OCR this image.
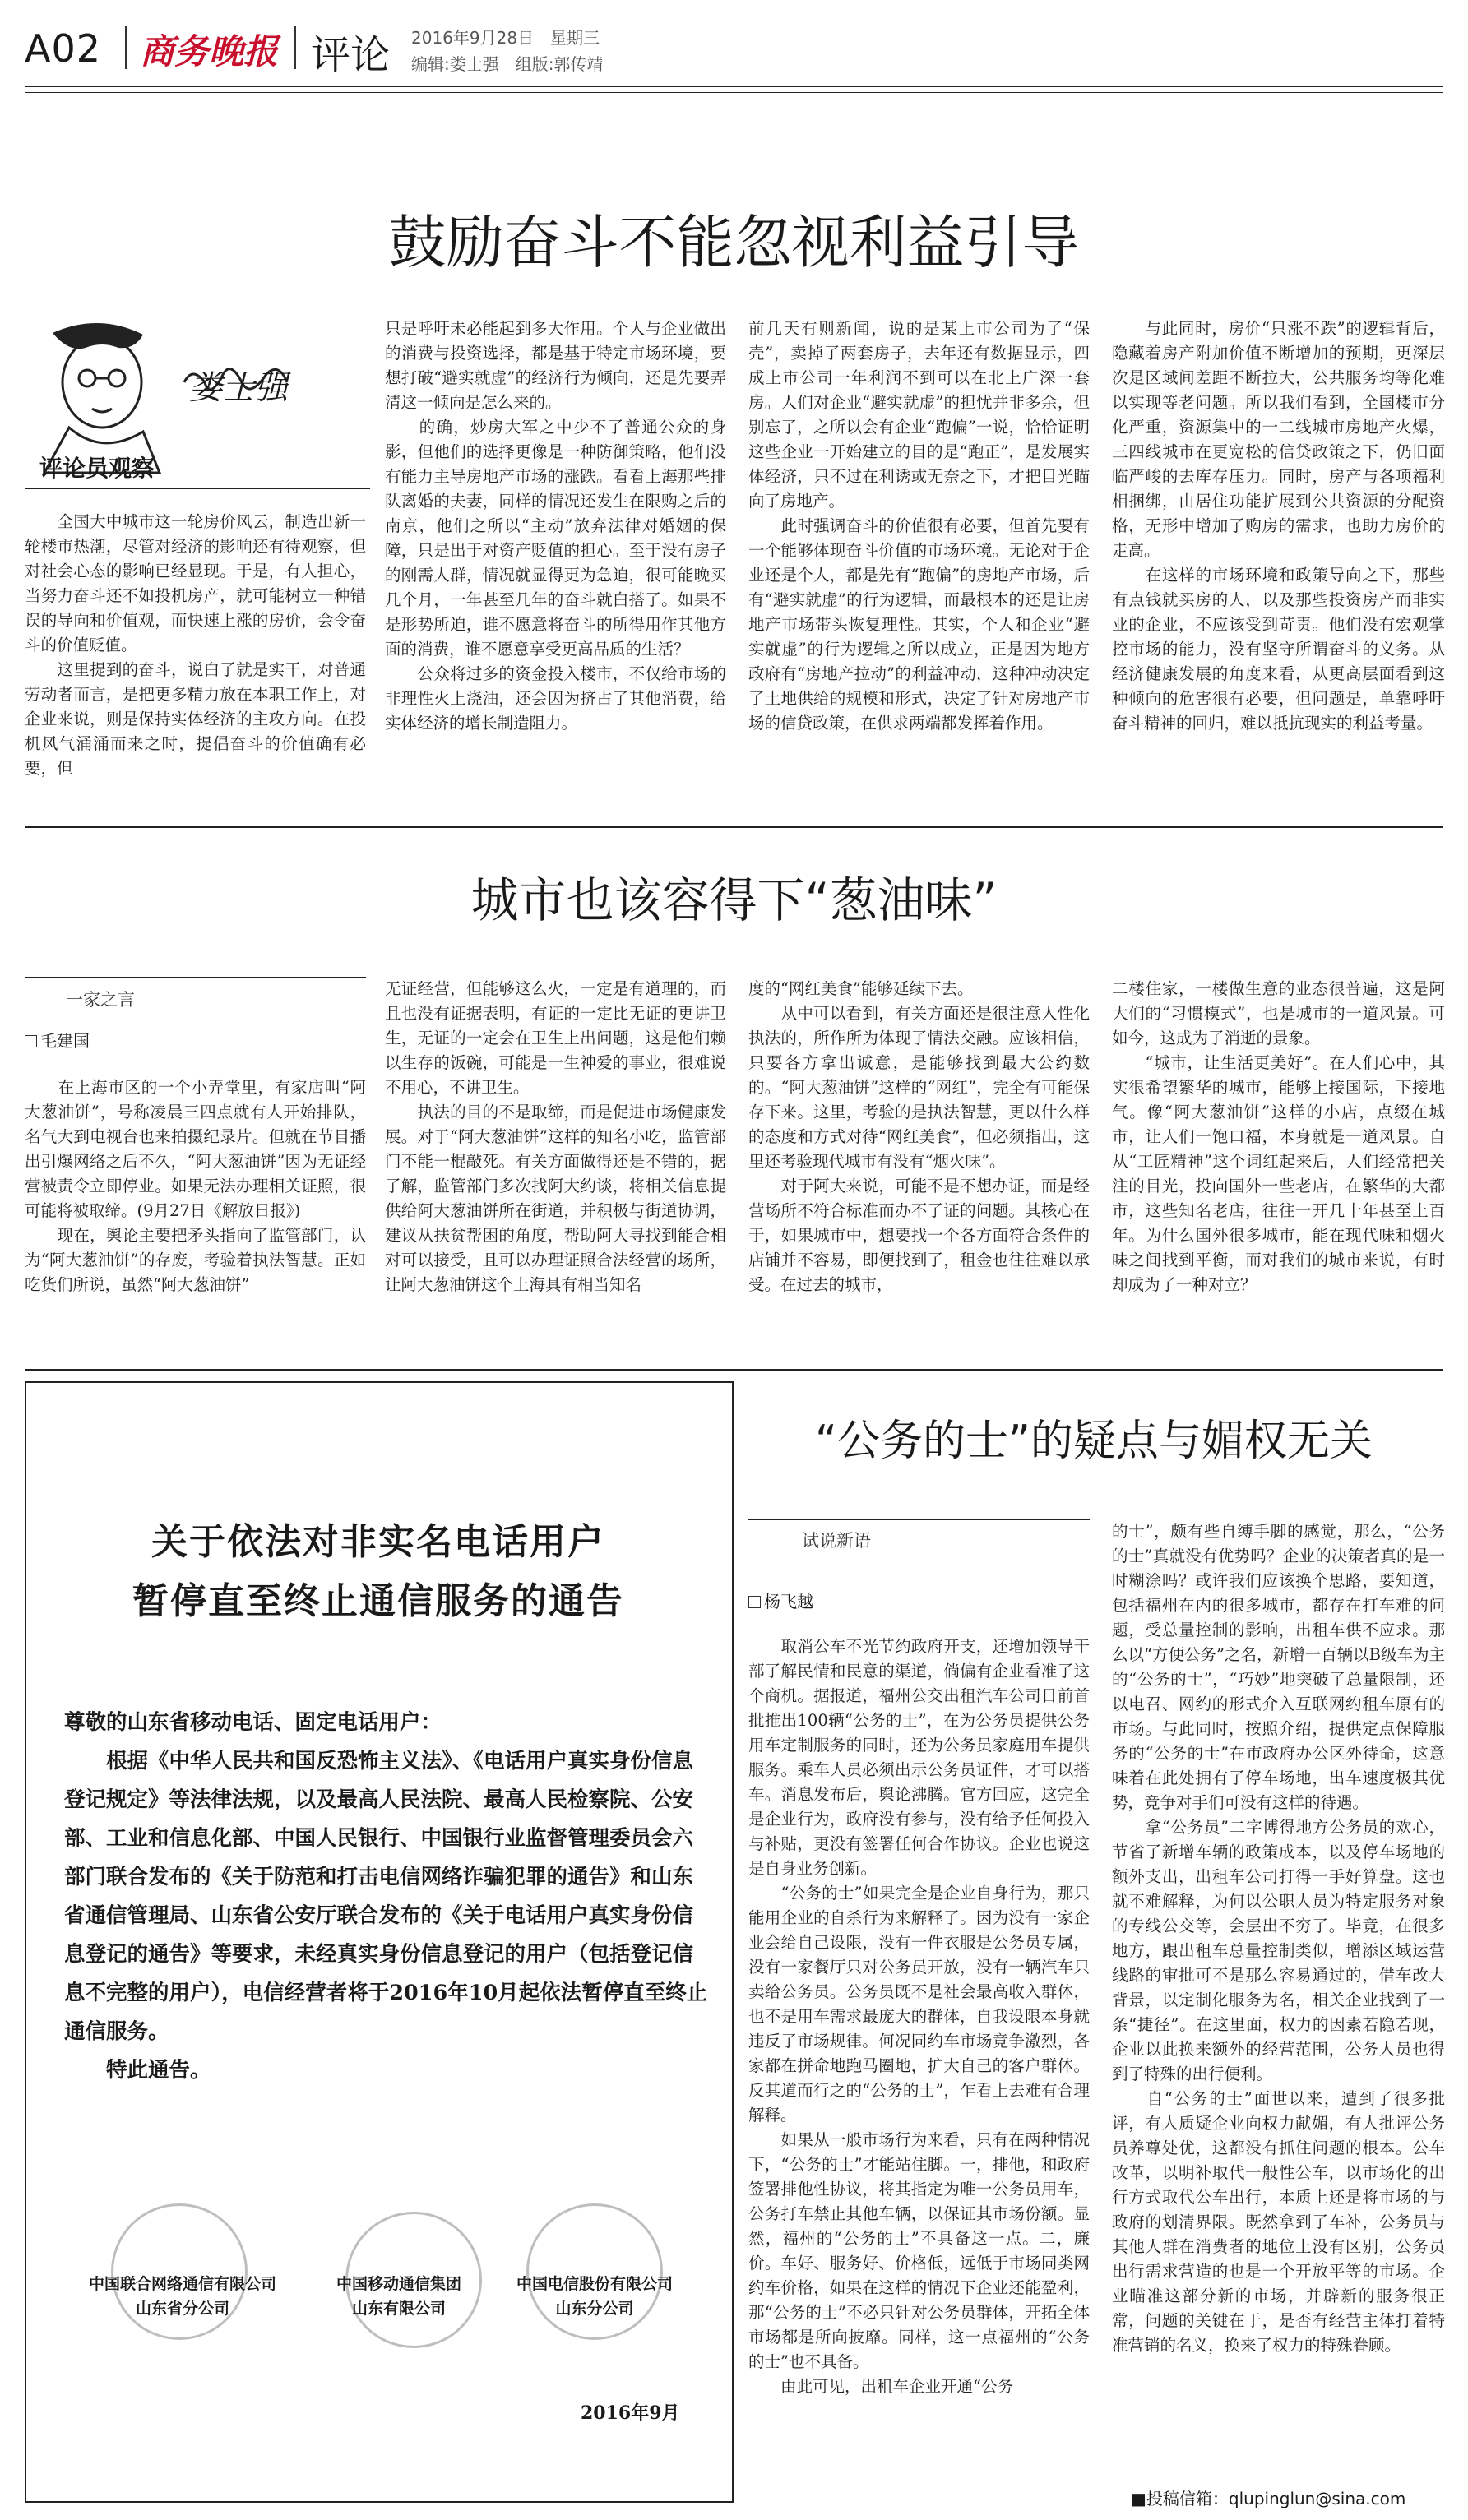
A02 商务晚报 评论 2016年9月28日　星期三
编辑:娄士强　组版:郭传靖
鼓励奋斗不能忽视利益引导
娄士强
评论员观察
　　全国大中城市这一轮房价风云，制造出新一轮楼市热潮，尽管对经济的影响还有待观察，但对社会心态的影响已经显现。于是，有人担心，当努力奋斗还不如投机房产，就可能树立一种错误的导向和价值观，而快速上涨的房价，会令奋斗的价值贬值。
　　这里提到的奋斗，说白了就是实干，对普通劳动者而言，是把更多精力放在本职工作上，对企业来说，则是保持实体经济的主攻方向。在投机风气涌涌而来之时，提倡奋斗的价值确有必要，但
只是呼吁未必能起到多大作用。个人与企业做出的消费与投资选择，都是基于特定市场环境，要想打破“避实就虚”的经济行为倾向，还是先要弄清这一倾向是怎么来的。
　　的确，炒房大军之中少不了普通公众的身影，但他们的选择更像是一种防御策略，他们没有能力主导房地产市场的涨跌。看看上海那些排队离婚的夫妻，同样的情况还发生在限购之后的南京，他们之所以“主动”放弃法律对婚姻的保障，只是出于对资产贬值的担心。至于没有房子的刚需人群，情况就显得更为急迫，很可能晚买几个月，一年甚至几年的奋斗就白搭了。如果不是形势所迫，谁不愿意将奋斗的所得用作其他方面的消费，谁不愿意享受更高品质的生活？
　　公众将过多的资金投入楼市，不仅给市场的非理性火上浇油，还会因为挤占了其他消费，给实体经济的增长制造阻力。
前几天有则新闻，说的是某上市公司为了“保壳”，卖掉了两套房子，去年还有数据显示，四成上市公司一年利润不到可以在北上广深一套房。人们对企业“避实就虚”的担忧并非多余，但别忘了，之所以会有企业“跑偏”一说，恰恰证明这些企业一开始建立的目的是“跑正”，是发展实体经济，只不过在利诱或无奈之下，才把目光瞄向了房地产。
　　此时强调奋斗的价值很有必要，但首先要有一个能够体现奋斗价值的市场环境。无论对于企业还是个人，都是先有“跑偏”的房地产市场，后有“避实就虚”的行为逻辑，而最根本的还是让房地产市场带头恢复理性。其实，个人和企业“避实就虚”的行为逻辑之所以成立，正是因为地方政府有“房地产拉动”的利益冲动，这种冲动决定了土地供给的规模和形式，决定了针对房地产市场的信贷政策，在供求两端都发挥着作用。
　　与此同时，房价“只涨不跌”的逻辑背后，隐藏着房产附加价值不断增加的预期，更深层次是区域间差距不断拉大，公共服务均等化难以实现等老问题。所以我们看到，全国楼市分化严重，资源集中的一二线城市房地产火爆，三四线城市在更宽松的信贷政策之下，仍旧面临严峻的去库存压力。同时，房产与各项福利相捆绑，由居住功能扩展到公共资源的分配资格，无形中增加了购房的需求，也助力房价的走高。
　　在这样的市场环境和政策导向之下，那些有点钱就买房的人，以及那些投资房产而非实业的企业，不应该受到苛责。他们没有宏观掌控市场的能力，没有坚守所谓奋斗的义务。从经济健康发展的角度来看，从更高层面看到这种倾向的危害很有必要，但问题是，单靠呼吁奋斗精神的回归，难以抵抗现实的利益考量。
城市也该容得下“葱油味”
一家之言
毛建国
　　在上海市区的一个小弄堂里，有家店叫“阿大葱油饼”，号称凌晨三四点就有人开始排队，名气大到电视台也来拍摄纪录片。但就在节目播出引爆网络之后不久，“阿大葱油饼”因为无证经营被责令立即停业。如果无法办理相关证照，很可能将被取缔。(9月27日《解放日报》)
　　现在，舆论主要把矛头指向了监管部门，认为“阿大葱油饼”的存废，考验着执法智慧。正如吃货们所说，虽然“阿大葱油饼”
无证经营，但能够这么火，一定是有道理的，而且也没有证据表明，有证的一定比无证的更讲卫生，无证的一定会在卫生上出问题，这是他们赖以生存的饭碗，可能是一生神爱的事业，很难说不用心，不讲卫生。
　　执法的目的不是取缔，而是促进市场健康发展。对于“阿大葱油饼”这样的知名小吃，监管部门不能一棍敲死。有关方面做得还是不错的，据了解，监管部门多次找阿大约谈，将相关信息提供给阿大葱油饼所在街道，并积极与街道协调，建议从扶贫帮困的角度，帮助阿大寻找到能合相对可以接受，且可以办理证照合法经营的场所，让阿大葱油饼这个上海具有相当知名
度的“网红美食”能够延续下去。
　　从中可以看到，有关方面还是很注意人性化执法的，所作所为体现了情法交融。应该相信，只要各方拿出诚意，是能够找到最大公约数的。“阿大葱油饼”这样的“网红”，完全有可能保存下来。这里，考验的是执法智慧，更以什么样的态度和方式对待“网红美食”，但必须指出，这里还考验现代城市有没有“烟火味”。
　　对于阿大来说，可能不是不想办证，而是经营场所不符合标准而办不了证的问题。其核心在于，如果城市中，想要找一个各方面符合条件的店铺并不容易，即便找到了，租金也往往难以承受。在过去的城市，
二楼住家，一楼做生意的业态很普遍，这是阿大们的“习惯模式”，也是城市的一道风景。可如今，这成为了消逝的景象。
　　“城市，让生活更美好”。在人们心中，其实很希望繁华的城市，能够上接国际，下接地气。像“阿大葱油饼”这样的小店，点缀在城市，让人们一饱口福，本身就是一道风景。自从“工匠精神”这个词红起来后，人们经常把关注的目光，投向国外一些老店，在繁华的大都市，这些知名老店，往往一开几十年甚至上百年。为什么国外很多城市，能在现代味和烟火味之间找到平衡，而对我们的城市来说，有时却成为了一种对立？
关于依法对非实名电话用户
暂停直至终止通信服务的通告
尊敬的山东省移动电话、固定电话用户：
　　根据《中华人民共和国反恐怖主义法》、《电话用户真实身份信息登记规定》等法律法规，以及最高人民法院、最高人民检察院、公安部、工业和信息化部、中国人民银行、中国银行业监督管理委员会六部门联合发布的《关于防范和打击电信网络诈骗犯罪的通告》和山东省通信管理局、山东省公安厅联合发布的《关于电话用户真实身份信息登记的通告》等要求，未经真实身份信息登记的用户（包括登记信息不完整的用户），电信经营者将于2016年10月起依法暂停直至终止通信服务。
　　特此通告。
中国联合网络通信有限公司
山东省分公司
中国移动通信集团
山东有限公司
中国电信股份有限公司
山东分公司
2016年9月
“公务的士”的疑点与媚权无关
试说新语
杨飞越
　　取消公车不光节约政府开支，还增加领导干部了解民情和民意的渠道，倘偏有企业看准了这个商机。据报道，福州公交出租汽车公司日前首批推出100辆“公务的士”，在为公务员提供公务用车定制服务的同时，还为公务员家庭用车提供服务。乘车人员必须出示公务员证件，才可以搭车。消息发布后，舆论沸腾。官方回应，这完全是企业行为，政府没有参与，没有给予任何投入与补贴，更没有签署任何合作协议。企业也说这是自身业务创新。
　　“公务的士”如果完全是企业自身行为，那只能用企业的自杀行为来解释了。因为没有一家企业会给自己设限，没有一件衣服是公务员专属，没有一家餐厅只对公务员开放，没有一辆汽车只卖给公务员。公务员既不是社会最高收入群体，也不是用车需求最庞大的群体，自我设限本身就违反了市场规律。何况同约车市场竞争激烈，各家都在拼命地跑马圈地，扩大自己的客户群体。反其道而行之的“公务的士”，乍看上去难有合理解释。
　　如果从一般市场行为来看，只有在两种情况下，“公务的士”才能站住脚。一，排他，和政府签署排他性协议，将其指定为唯一公务员用车，公务打车禁止其他车辆，以保证其市场份额。显然，福州的“公务的士”不具备这一点。二，廉价。车好、服务好、价格低，远低于市场同类网约车价格，如果在这样的情况下企业还能盈利，那“公务的士”不必只针对公务员群体，开拓全体市场都是所向披靡。同样，这一点福州的“公务的士”也不具备。
　　由此可见，出租车企业开通“公务
的士”，颇有些自缚手脚的感觉，那么，“公务的士”真就没有优势吗？企业的决策者真的是一时糊涂吗？或许我们应该换个思路，要知道，包括福州在内的很多城市，都存在打车难的问题，受总量控制的影响，出租车供不应求。那么以“方便公务”之名，新增一百辆以B级车为主的“公务的士”，“巧妙”地突破了总量限制，还以电召、网约的形式介入互联网约租车原有的市场。与此同时，按照介绍，提供定点保障服务的“公务的士”在市政府办公区外待命，这意味着在此处拥有了停车场地，出车速度极其优势，竞争对手们可没有这样的待遇。
　　拿“公务员”二字博得地方公务员的欢心，节省了新增车辆的政策成本，以及停车场地的额外支出，出租车公司打得一手好算盘。这也就不难解释，为何以公职人员为特定服务对象的专线公交等，会层出不穷了。毕竟，在很多地方，跟出租车总量控制类似，增添区域运营线路的审批可不是那么容易通过的，借车改大背景，以定制化服务为名，相关企业找到了一条“捷径”。在这里面，权力的因素若隐若现，企业以此换来额外的经营范围，公务人员也得到了特殊的出行便利。
　　自“公务的士”面世以来，遭到了很多批评，有人质疑企业向权力献媚，有人批评公务员养尊处优，这都没有抓住问题的根本。公车改革，以明补取代一般性公车，以市场化的出行方式取代公车出行，本质上还是将市场的与政府的划清界限。既然拿到了车补，公务员与其他人群在消费者的地位上没有区别，公务员出行需求营造的也是一个开放平等的市场。企业瞄准这部分新的市场，并辟新的服务很正常，问题的关键在于，是否有经营主体打着特准营销的名义，换来了权力的特殊眷顾。
■投稿信箱：qlupinglun@sina.com
